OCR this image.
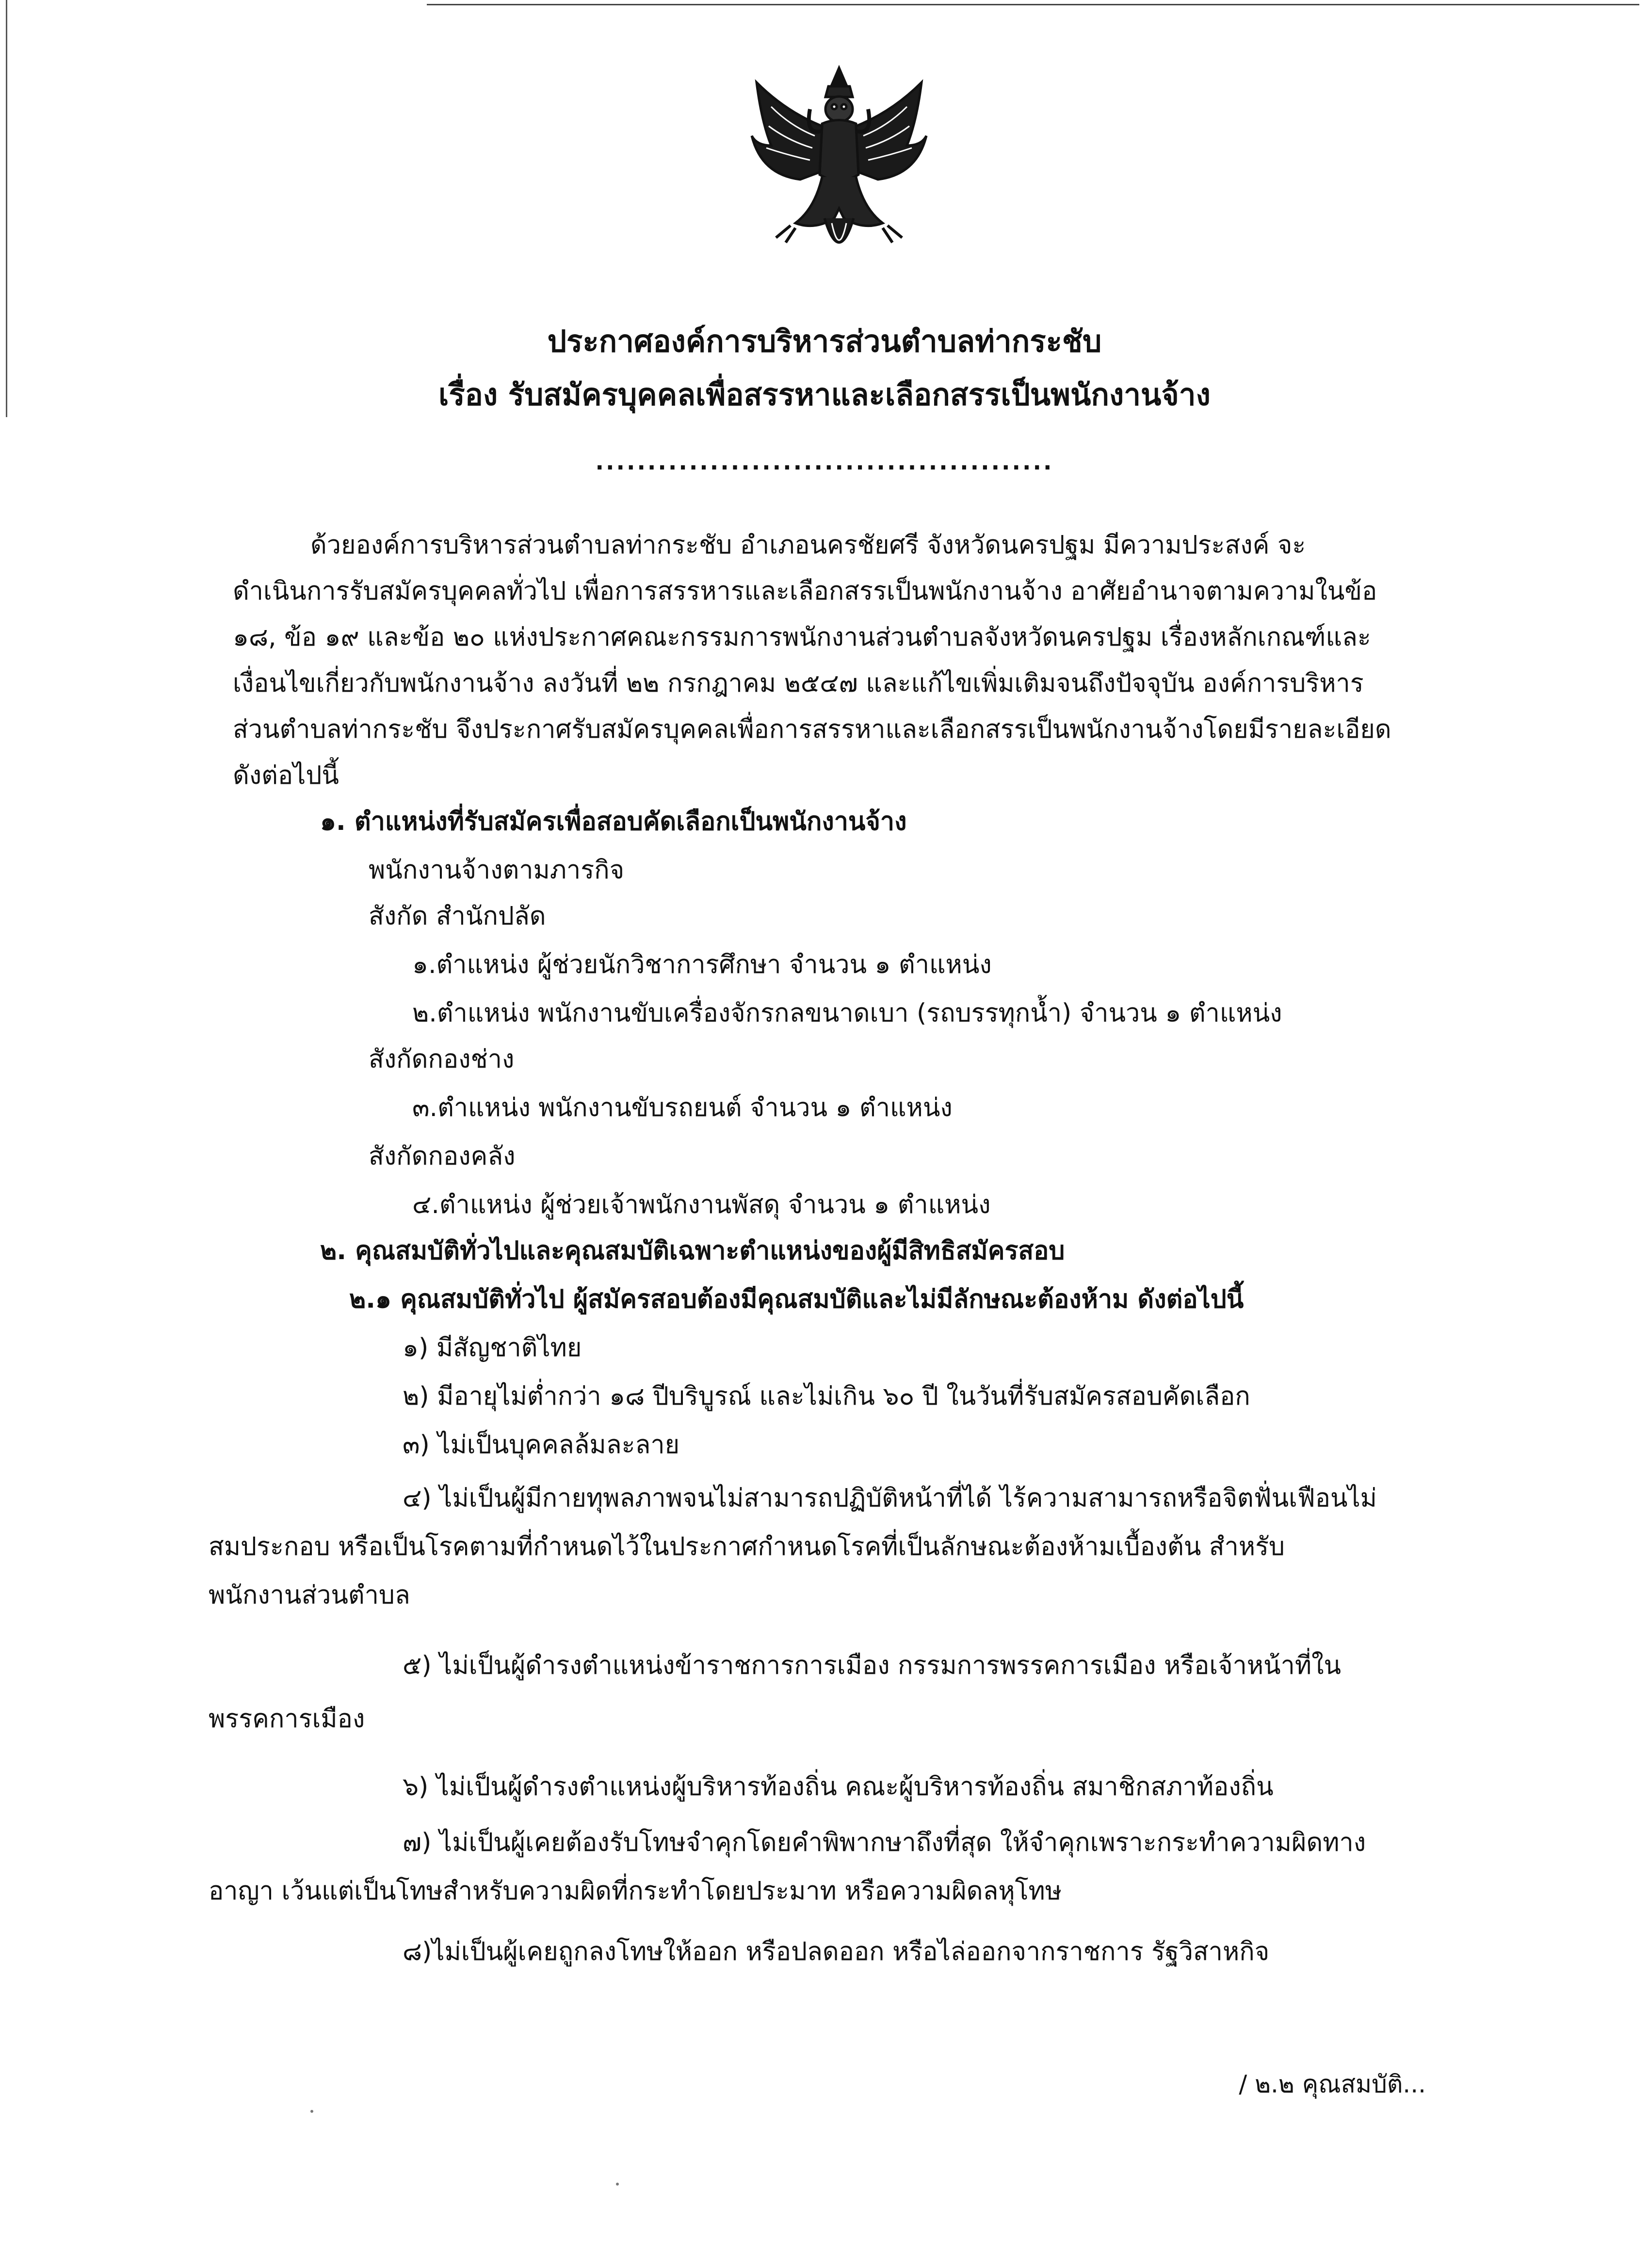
ประกาศองค์การบริหารส่วนตำบลท่ากระชับ
เรื่อง รับสมัครบุคคลเพื่อสรรหาและเลือกสรรเป็นพนักงานจ้าง
............................................
ด้วยองค์การบริหารส่วนตำบลท่ากระชับ อำเภอนครชัยศรี จังหวัดนครปฐม มีความประสงค์ จะ
ดำเนินการรับสมัครบุคคลทั่วไป เพื่อการสรรหารและเลือกสรรเป็นพนักงานจ้าง อาศัยอำนาจตามความในข้อ
๑๘, ข้อ ๑๙ และข้อ ๒๐ แห่งประกาศคณะกรรมการพนักงานส่วนตำบลจังหวัดนครปฐม เรื่องหลักเกณฑ์และ
เงื่อนไขเกี่ยวกับพนักงานจ้าง ลงวันที่ ๒๒ กรกฎาคม ๒๕๔๗ และแก้ไขเพิ่มเติมจนถึงปัจจุบัน องค์การบริหาร
ส่วนตำบลท่ากระชับ จึงประกาศรับสมัครบุคคลเพื่อการสรรหาและเลือกสรรเป็นพนักงานจ้างโดยมีรายละเอียด
ดังต่อไปนี้
๑. ตำแหน่งที่รับสมัครเพื่อสอบคัดเลือกเป็นพนักงานจ้าง
พนักงานจ้างตามภารกิจ
สังกัด สำนักปลัด
๑.ตำแหน่ง ผู้ช่วยนักวิชาการศึกษา จำนวน ๑ ตำแหน่ง
๒.ตำแหน่ง พนักงานขับเครื่องจักรกลขนาดเบา (รถบรรทุกน้ำ) จำนวน ๑ ตำแหน่ง
สังกัดกองช่าง
๓.ตำแหน่ง พนักงานขับรถยนต์ จำนวน ๑ ตำแหน่ง
สังกัดกองคลัง
๔.ตำแหน่ง ผู้ช่วยเจ้าพนักงานพัสดุ จำนวน ๑ ตำแหน่ง
๒. คุณสมบัติทั่วไปและคุณสมบัติเฉพาะตำแหน่งของผู้มีสิทธิสมัครสอบ
๒.๑ คุณสมบัติทั่วไป ผู้สมัครสอบต้องมีคุณสมบัติและไม่มีลักษณะต้องห้าม ดังต่อไปนี้
๑) มีสัญชาติไทย
๒) มีอายุไม่ต่ำกว่า ๑๘ ปีบริบูรณ์ และไม่เกิน ๖๐ ปี ในวันที่รับสมัครสอบคัดเลือก
๓) ไม่เป็นบุคคลล้มละลาย
๔) ไม่เป็นผู้มีกายทุพลภาพจนไม่สามารถปฏิบัติหน้าที่ได้ ไร้ความสามารถหรือจิตฟั่นเฟือนไม่
สมประกอบ หรือเป็นโรคตามที่กำหนดไว้ในประกาศกำหนดโรคที่เป็นลักษณะต้องห้ามเบื้องต้น สำหรับ
พนักงานส่วนตำบล
๕) ไม่เป็นผู้ดำรงตำแหน่งข้าราชการการเมือง กรรมการพรรคการเมือง หรือเจ้าหน้าที่ใน
พรรคการเมือง
๖) ไม่เป็นผู้ดำรงตำแหน่งผู้บริหารท้องถิ่น คณะผู้บริหารท้องถิ่น สมาชิกสภาท้องถิ่น
๗) ไม่เป็นผู้เคยต้องรับโทษจำคุกโดยคำพิพากษาถึงที่สุด ให้จำคุกเพราะกระทำความผิดทาง
อาญา เว้นแต่เป็นโทษสำหรับความผิดที่กระทำโดยประมาท หรือความผิดลหุโทษ
๘)ไม่เป็นผู้เคยถูกลงโทษให้ออก หรือปลดออก หรือไล่ออกจากราชการ รัฐวิสาหกิจ
/ ๒.๒ คุณสมบัติ...
